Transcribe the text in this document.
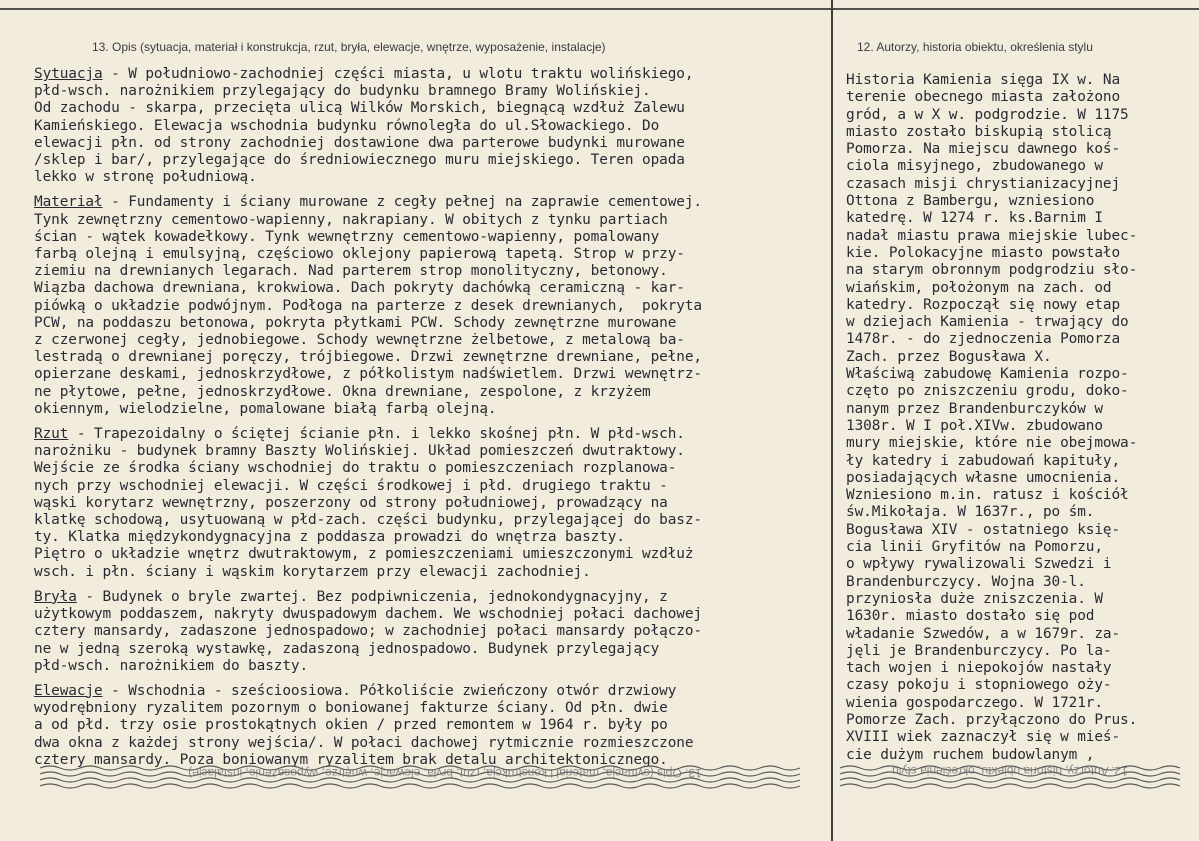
13. Opis (sytuacja, materiał i konstrukcja, rzut, bryła, elewacje, wnętrze, wyposażenie, instalacje)	12. Autorzy, historia obiektu, określenia stylu

Sytuacja - W południowo-zachodniej części miasta, u wlotu traktu wolińskiego,
płd-wsch. narożnikiem przylegający do budynku bramnego Bramy Wolińskiej.
Od zachodu - skarpa, przecięta ulicą Wilków Morskich, biegnącą wzdłuż Zalewu
Kamieńskiego. Elewacja wschodnia budynku równoległa do ul.Słowackiego. Do
elewacji płn. od strony zachodniej dostawione dwa parterowe budynki murowane
/sklep i bar/, przylegające do średniowiecznego muru miejskiego. Teren opada
lekko w stronę południową.

Materiał - Fundamenty i ściany murowane z cegły pełnej na zaprawie cementowej.
Tynk zewnętrzny cementowo-wapienny, nakrapiany. W obitych z tynku partiach
ścian - wątek kowadełkowy. Tynk wewnętrzny cementowo-wapienny, pomalowany
farbą olejną i emulsyjną, częściowo oklejony papierową tapetą. Strop w przy-
ziemiu na drewnianych legarach. Nad parterem strop monolityczny, betonowy.
Wiązba dachowa drewniana, krokwiowa. Dach pokryty dachówką ceramiczną - kar-
piówką o układzie podwójnym. Podłoga na parterze z desek drewnianych,  pokryta
PCW, na poddaszu betonowa, pokryta płytkami PCW. Schody zewnętrzne murowane
z czerwonej cegły, jednobiegowe. Schody wewnętrzne żelbetowe, z metalową ba-
lestradą o drewnianej poręczy, trójbiegowe. Drzwi zewnętrzne drewniane, pełne,
opierzane deskami, jednoskrzydłowe, z półkolistym nadświetlem. Drzwi wewnętrz-
ne płytowe, pełne, jednoskrzydłowe. Okna drewniane, zespolone, z krzyżem
okiennym, wielodzielne, pomalowane białą farbą olejną.

Rzut - Trapezoidalny o ściętej ścianie płn. i lekko skośnej płn. W płd-wsch.
narożniku - budynek bramny Baszty Wolińskiej. Układ pomieszczeń dwutraktowy.
Wejście ze środka ściany wschodniej do traktu o pomieszczeniach rozplanowa-
nych przy wschodniej elewacji. W części środkowej i płd. drugiego traktu -
wąski korytarz wewnętrzny, poszerzony od strony południowej, prowadzący na
klatkę schodową, usytuowaną w płd-zach. części budynku, przylegającej do basz-
ty. Klatka międzykondygnacyjna z poddasza prowadzi do wnętrza baszty.
Piętro o układzie wnętrz dwutraktowym, z pomieszczeniami umieszczonymi wzdłuż
wsch. i płn. ściany i wąskim korytarzem przy elewacji zachodniej.

Bryła - Budynek o bryle zwartej. Bez podpiwniczenia, jednokondygnacyjny, z
użytkowym poddaszem, nakryty dwuspadowym dachem. We wschodniej połaci dachowej
cztery mansardy, zadaszone jednospadowo; w zachodniej połaci mansardy połączo-
ne w jedną szeroką wystawkę, zadaszoną jednospadowo. Budynek przylegający
płd-wsch. narożnikiem do baszty.

Elewacje - Wschodnia - sześcioosiowa. Półkoliście zwieńczony otwór drzwiowy
wyodrębniony ryzalitem pozornym o boniowanej fakturze ściany. Od płn. dwie
a od płd. trzy osie prostokątnych okien / przed remontem w 1964 r. były po
dwa okna z każdej strony wejścia/. W połaci dachowej rytmicznie rozmieszczone
cztery mansardy. Poza boniowanym ryzalitem brak detalu architektonicznego.

Historia Kamienia sięga IX w. Na
terenie obecnego miasta założono
gród, a w X w. podgrodzie. W 1175
miasto zostało biskupią stolicą
Pomorza. Na miejscu dawnego koś-
ciola misyjnego, zbudowanego w
czasach misji chrystianizacyjnej
Ottona z Bambergu, wzniesiono
katedrę. W 1274 r. ks.Barnim I
nadał miastu prawa miejskie lubec-
kie. Polokacyjne miasto powstało
na starym obronnym podgrodziu sło-
wiańskim, położonym na zach. od
katedry. Rozpoczął się nowy etap
w dziejach Kamienia - trwający do
1478r. - do zjednoczenia Pomorza
Zach. przez Bogusława X.
Właściwą zabudowę Kamienia rozpo-
częto po zniszczeniu grodu, doko-
nanym przez Brandenburczyków w
1308r. W I poł.XIVw. zbudowano
mury miejskie, które nie obejmowa-
ły katedry i zabudowań kapituły,
posiadających własne umocnienia.
Wzniesiono m.in. ratusz i kościół
św.Mikołaja. W 1637r., po śm.
Bogusława XIV - ostatniego księ-
cia linii Gryfitów na Pomorzu,
o wpływy rywalizowali Szwedzi i
Brandenburczycy. Wojna 30-l.
przyniosła duże zniszczenia. W
1630r. miasto dostało się pod
władanie Szwedów, a w 1679r. za-
jęli je Brandenburczycy. Po la-
tach wojen i niepokojów nastały
czasy pokoju i stopniowego oży-
wienia gospodarczego. W 1721r.
Pomorze Zach. przyłączono do Prus.
XVIII wiek zaznaczył się w mieś-
cie dużym ruchem budowlanym ,
13. Opis (sytuacja, materiał i konstrukcja, rzut, bryła, elewacje, wnętrze, wyposażenie, instalacje)	12. Autorzy, historia obiektu, określenia stylu
